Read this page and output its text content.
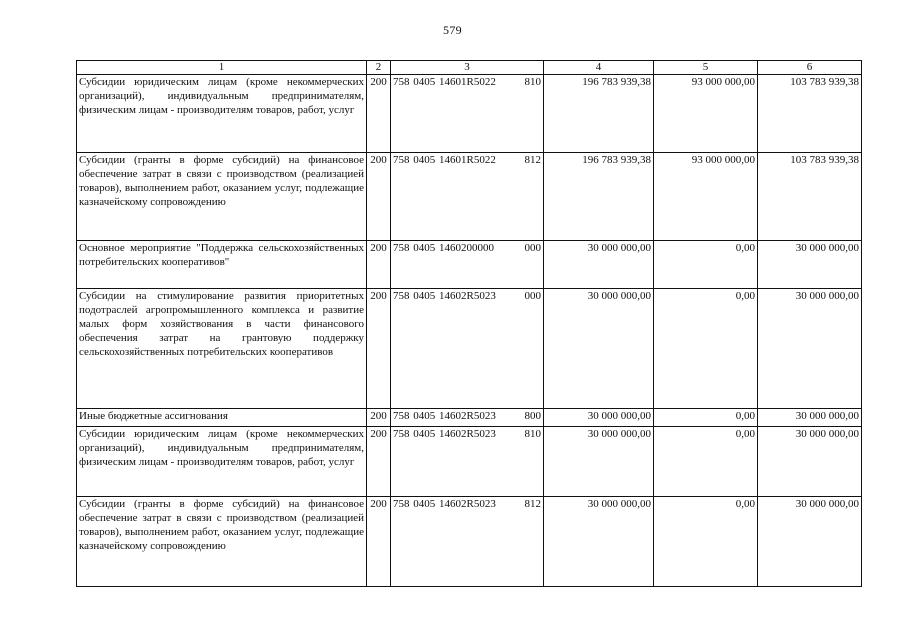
579
1	2	3	4	5	6
Субсидии юридическим лицам (кроме некоммерческих организаций), индивидуальным предпринимателям, физическим лицам - производителям товаров, работ, услуг	200	758 0405 14601R5022 810	196 783 939,38	93 000 000,00	103 783 939,38
Субсидии (гранты в форме субсидий) на финансовое обеспечение затрат в связи с производством (реализацией товаров), выполнением работ, оказанием услуг, подлежащие казначейскому сопровождению	200	758 0405 14601R5022 812	196 783 939,38	93 000 000,00	103 783 939,38
Основное мероприятие "Поддержка сельскохозяйственных потребительских кооперативов"	200	758 0405 1460200000 000	30 000 000,00	0,00	30 000 000,00
Субсидии на стимулирование развития приоритетных подотраслей агропромышленного комплекса и развитие малых форм хозяйствования в части финансового обеспечения затрат на грантовую поддержку сельскохозяйственных потребительских кооперативов	200	758 0405 14602R5023 000	30 000 000,00	0,00	30 000 000,00
Иные бюджетные ассигнования	200	758 0405 14602R5023 800	30 000 000,00	0,00	30 000 000,00
Субсидии юридическим лицам (кроме некоммерческих организаций), индивидуальным предпринимателям, физическим лицам - производителям товаров, работ, услуг	200	758 0405 14602R5023 810	30 000 000,00	0,00	30 000 000,00
Субсидии (гранты в форме субсидий) на финансовое обеспечение затрат в связи с производством (реализацией товаров), выполнением работ, оказанием услуг, подлежащие казначейскому сопровождению	200	758 0405 14602R5023 812	30 000 000,00	0,00	30 000 000,00
